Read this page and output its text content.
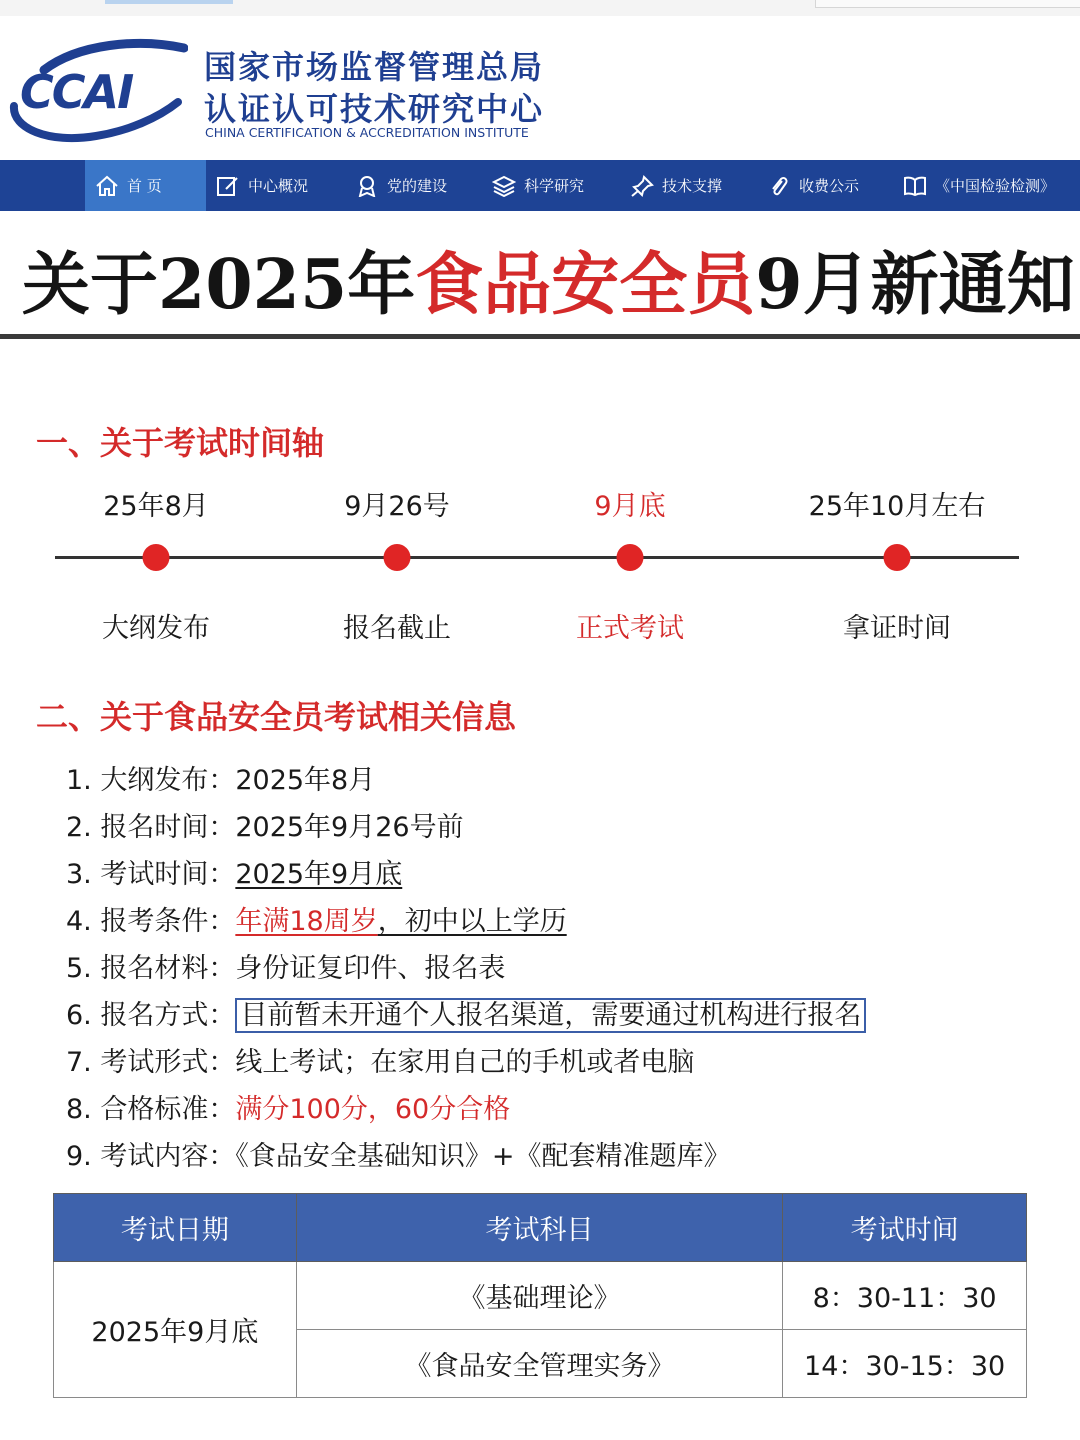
CCAI 国家市场监督管理总局
认证认可技术研究中心
CHINA CERTIFICATION & ACCREDITATION INSTITUTE
首 页	中心概况	党的建设	科学研究	技术支撑	收费公示	《中国检验检测》
关于2025年食品安全员9月新通知
一、关于考试时间轴
25年8月	9月26号	9月底	25年10月左右
大纲发布	报名截止	正式考试	拿证时间
二、关于食品安全员考试相关信息
1. 大纲发布：2025年8月
2. 报名时间：2025年9月26号前
3. 考试时间：2025年9月底
4. 报考条件：年满18周岁，初中以上学历
5. 报名材料：身份证复印件、报名表
6. 报名方式： 目前暂未开通个人报名渠道，需要通过机构进行报名
7. 考试形式：线上考试；在家用自己的手机或者电脑
8. 合格标准：满分100分，60分合格
9. 考试内容：《食品安全基础知识》+《配套精准题库》
考试日期	考试科目	考试时间
2025年9月底	《基础理论》	8：30-11：30
	《食品安全管理实务》	14：30-15：30
